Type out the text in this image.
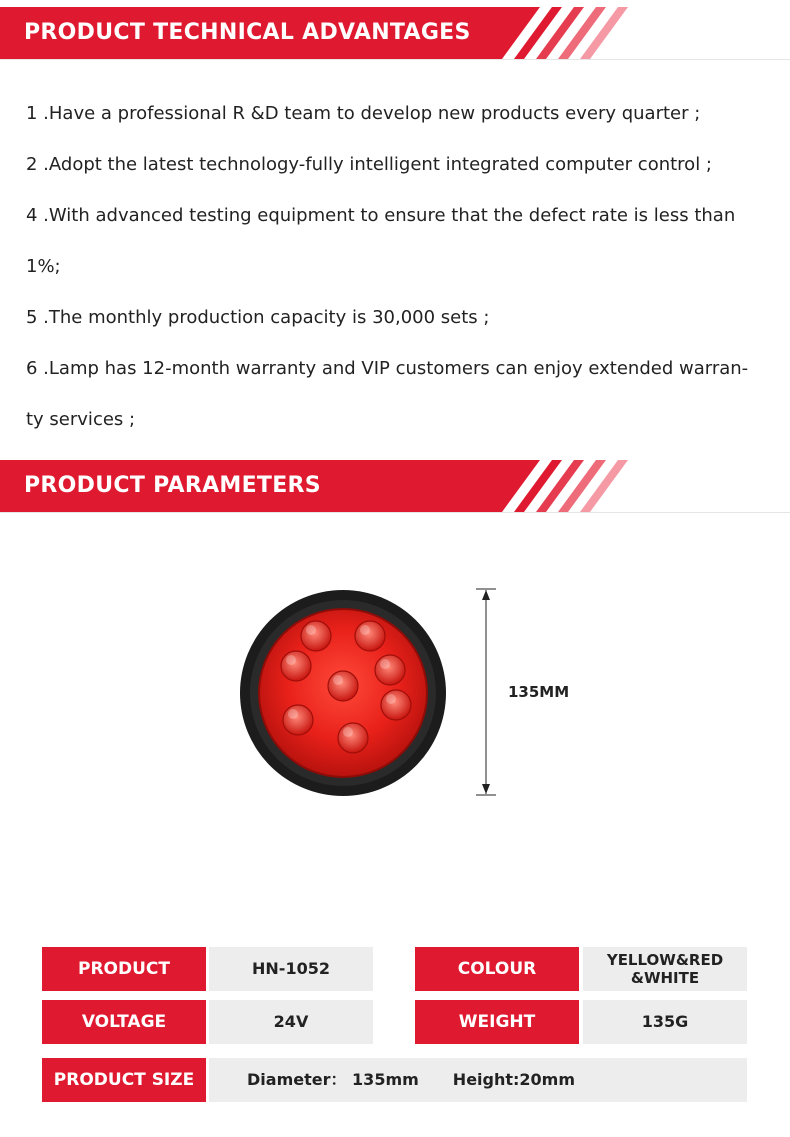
PRODUCT TECHNICAL ADVANTAGES
1 .Have a professional R &D team to develop new products every quarter ;
2 .Adopt the latest technology-fully intelligent integrated computer control ;
4 .With advanced testing equipment to ensure that the defect rate is less than
1%;
5 .The monthly production capacity is 30,000 sets ;
6 .Lamp has 12-month warranty and VIP customers can enjoy extended warran-
ty services ;
PRODUCT PARAMETERS
135MM
PRODUCT	HN-1052	COLOUR	YELLOW&RED
&WHITE
VOLTAGE	24V	WEIGHT	135G
PRODUCT SIZE	Diameter： 135mm Height:20mm
